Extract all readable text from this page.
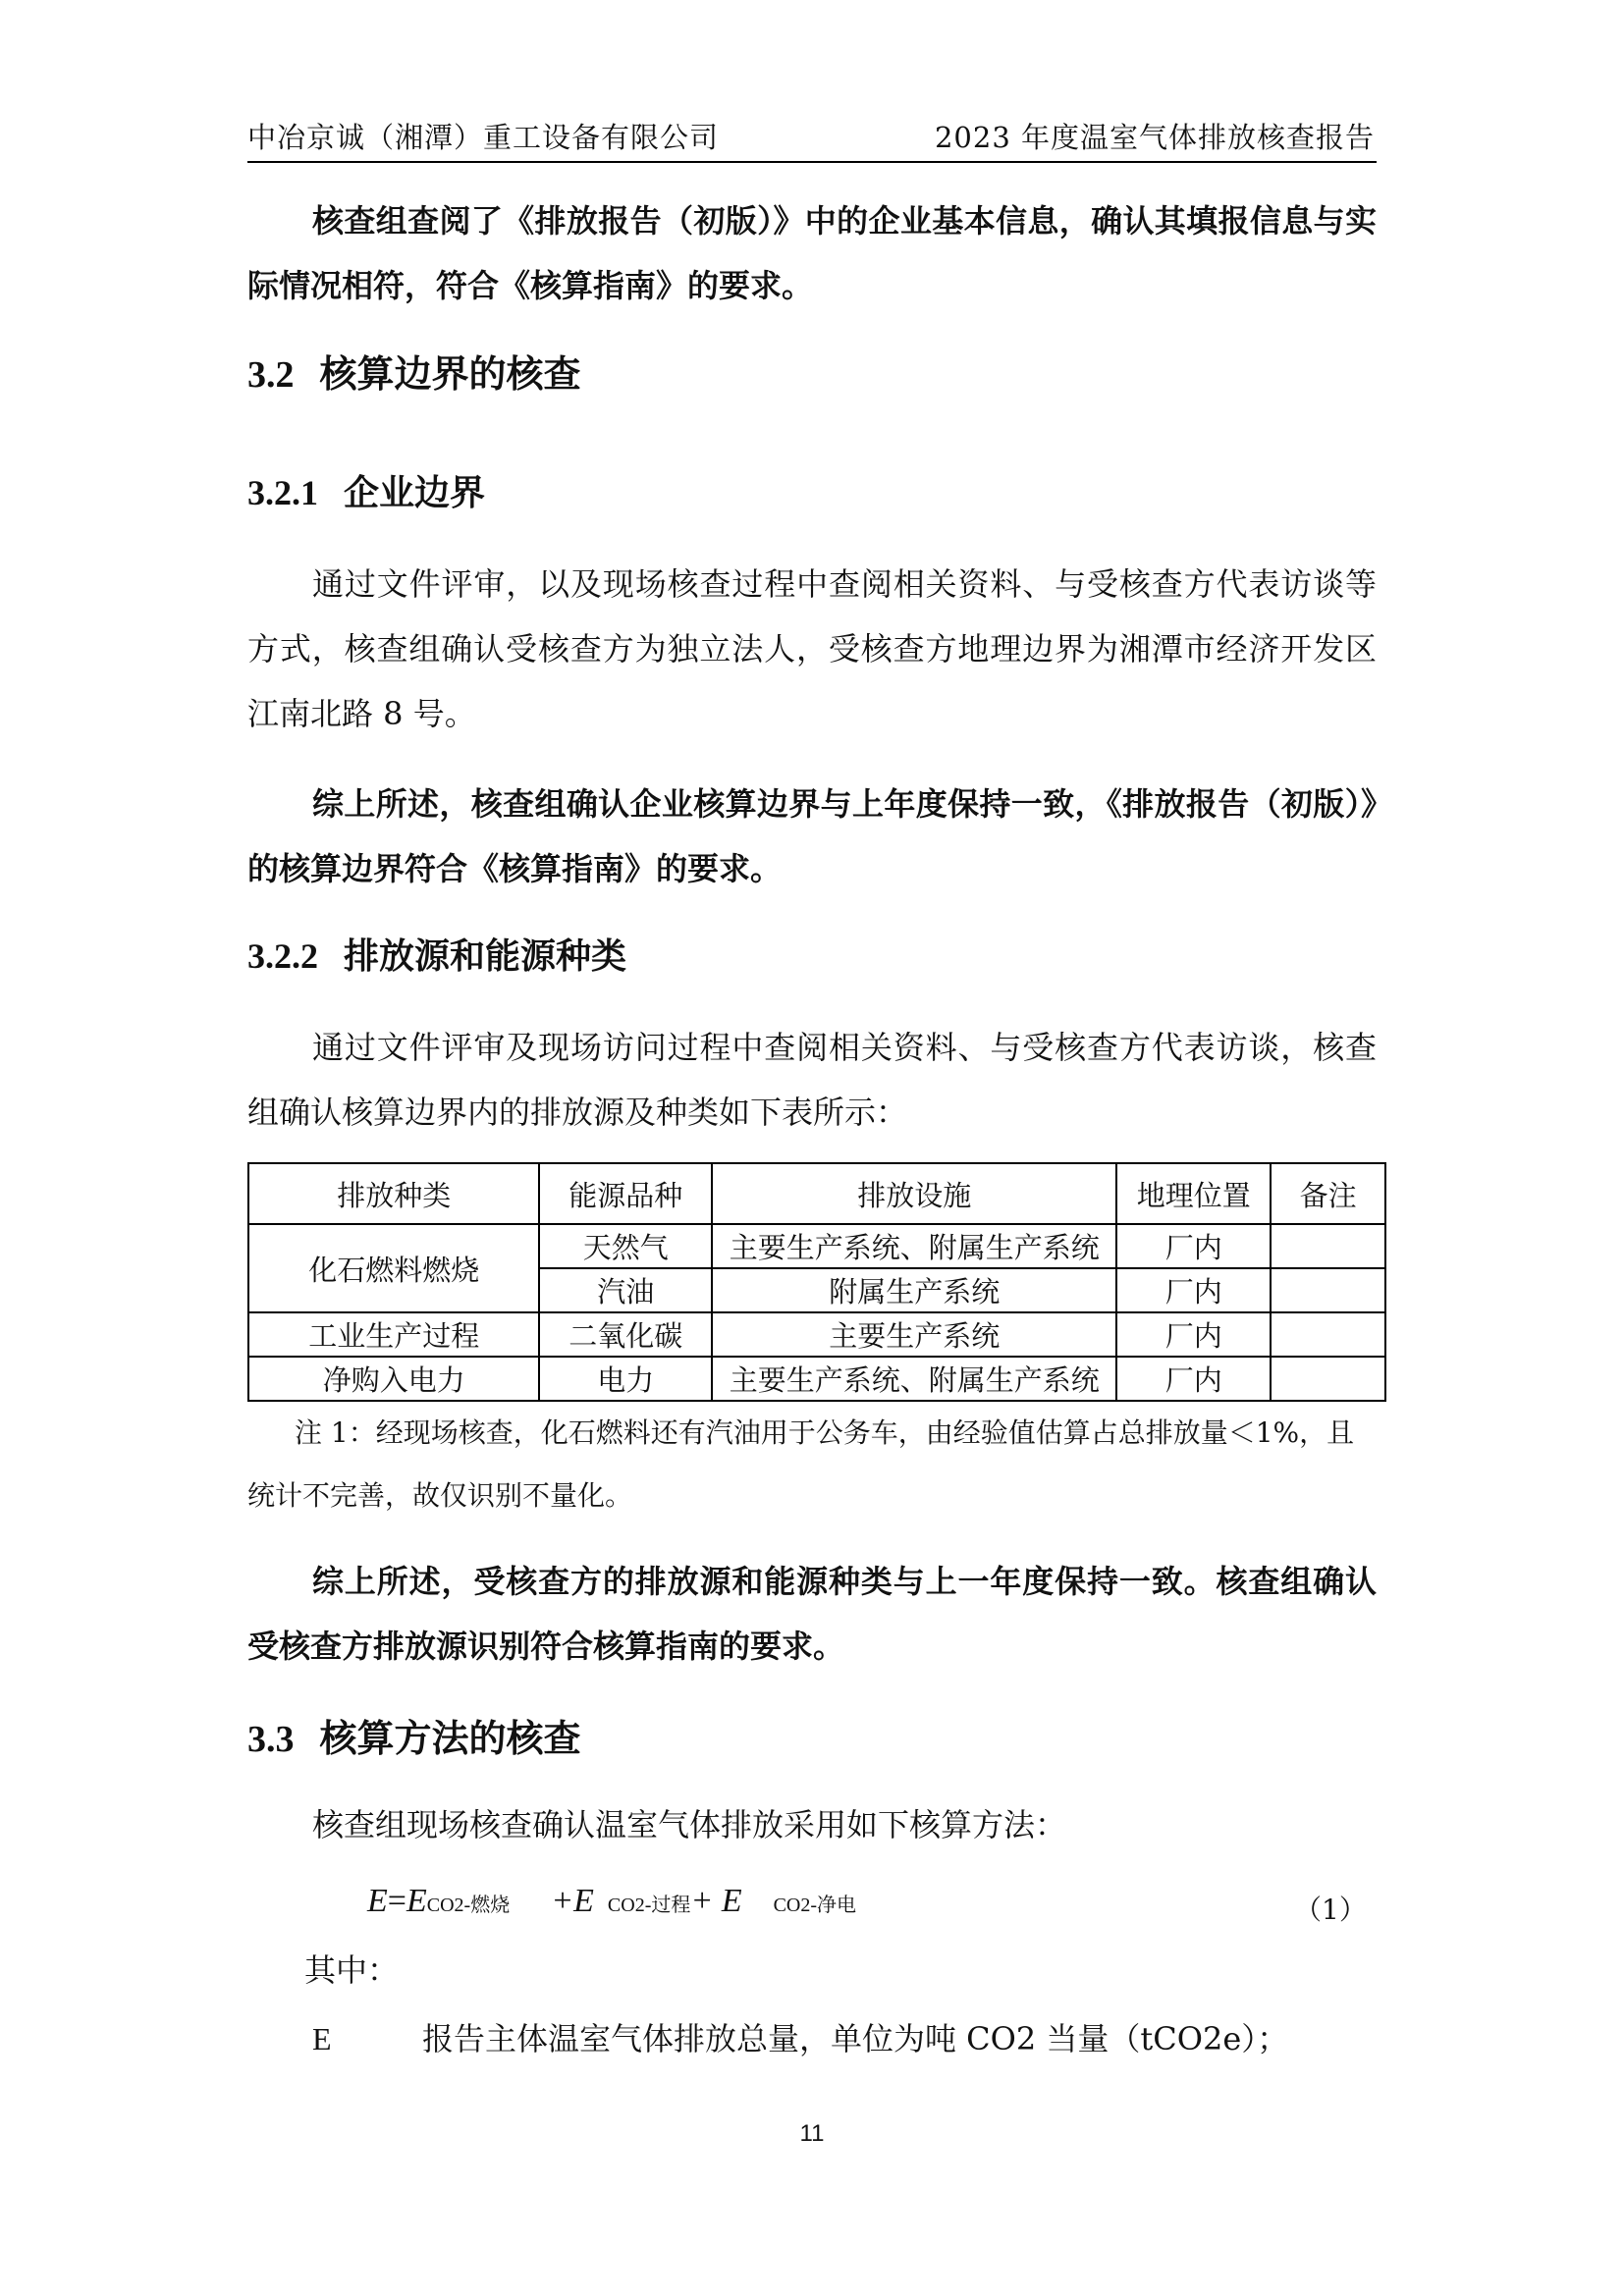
中冶京诚（湘潭）重工设备有限公司	2023 年度温室气体排放核查报告
核查组查阅了《排放报告（初版）》中的企业基本信息，确认其填报信息与实际情况相符，符合《核算指南》的要求。
3.2 核算边界的核查
3.2.1 企业边界
通过文件评审，以及现场核查过程中查阅相关资料、与受核查方代表访谈等方式，核查组确认受核查方为独立法人，受核查方地理边界为湘潭市经济开发区江南北路 8 号。
综上所述，核查组确认企业核算边界与上年度保持一致，《排放报告（初版）》的核算边界符合《核算指南》的要求。
3.2.2 排放源和能源种类
通过文件评审及现场访问过程中查阅相关资料、与受核查方代表访谈，核查组确认核算边界内的排放源及种类如下表所示：
排放种类	能源品种	排放设施	地理位置	备注
化石燃料燃烧	天然气	主要生产系统、附属生产系统	厂内	
	汽油	附属生产系统	厂内	
工业生产过程	二氧化碳	主要生产系统	厂内	
净购入电力	电力	主要生产系统、附属生产系统	厂内	
注 1：经现场核查，化石燃料还有汽油用于公务车，由经验值估算占总排放量＜1%，且
统计不完善，故仅识别不量化。
综上所述，受核查方的排放源和能源种类与上一年度保持一致。核查组确认受核查方排放源识别符合核算指南的要求。
3.3 核算方法的核查
核查组现场核查确认温室气体排放采用如下核算方法：
E=ECO2-燃烧 +E CO2-过程+ E CO2-净电	（1）
其中：
E	报告主体温室气体排放总量，单位为吨 CO2 当量（tCO2e）；
11
